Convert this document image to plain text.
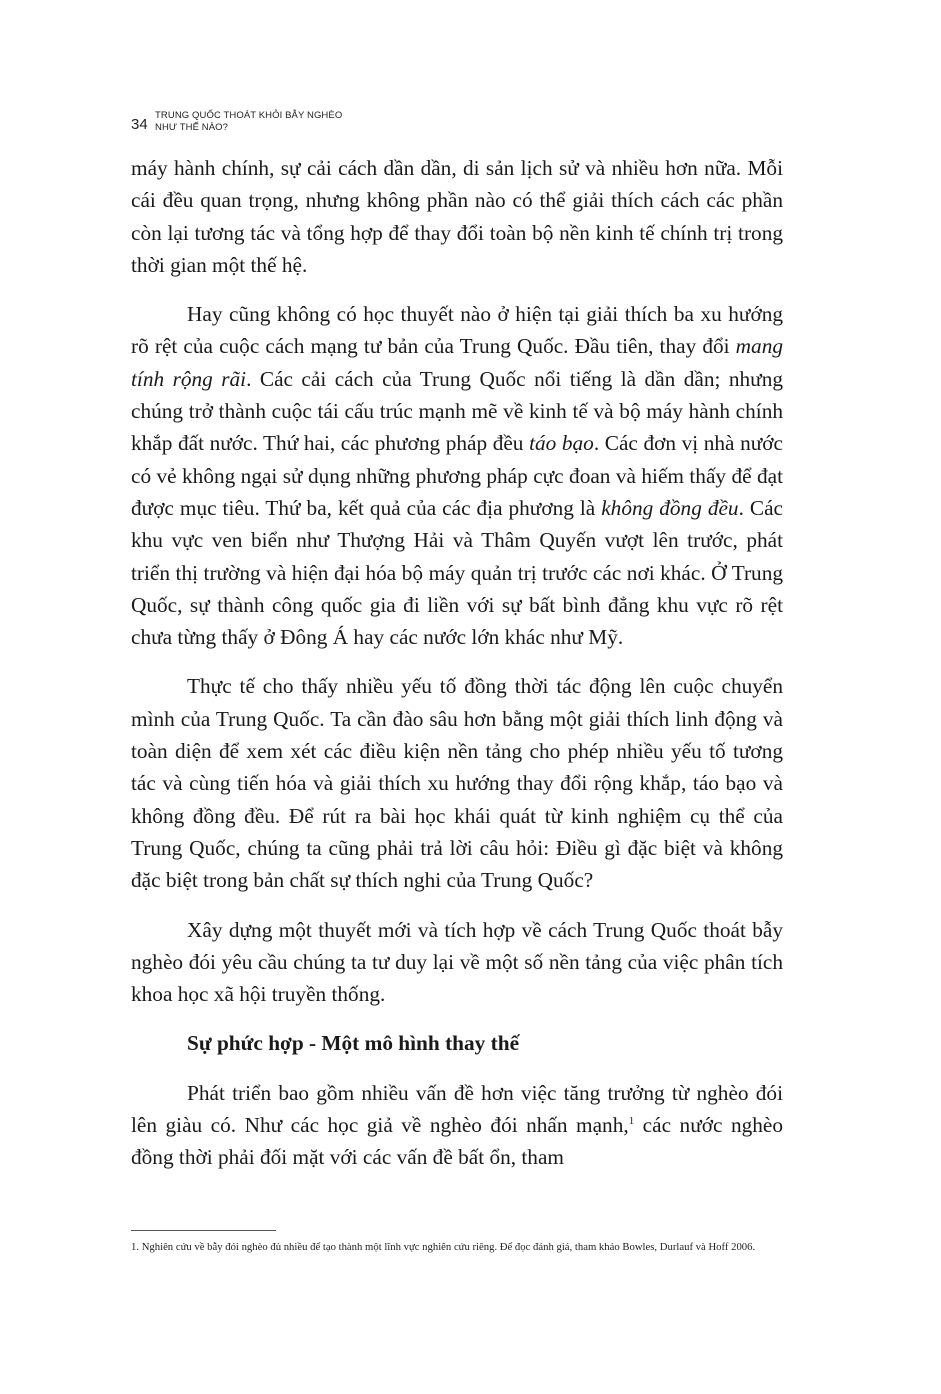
34
TRUNG QUỐC THOÁT KHỎI BẪY NGHÈO
NHƯ THẾ NÀO?

máy hành chính, sự cải cách dần dần, di sản lịch sử và nhiều hơn nữa. Mỗi cái đều quan trọng, nhưng không phần nào có thể giải thích cách các phần còn lại tương tác và tổng hợp để thay đổi toàn bộ nền kinh tế chính trị trong thời gian một thế hệ.

Hay cũng không có học thuyết nào ở hiện tại giải thích ba xu hướng rõ rệt của cuộc cách mạng tư bản của Trung Quốc. Đầu tiên, thay đổi mang tính rộng rãi. Các cải cách của Trung Quốc nổi tiếng là dần dần; nhưng chúng trở thành cuộc tái cấu trúc mạnh mẽ về kinh tế và bộ máy hành chính khắp đất nước. Thứ hai, các phương pháp đều táo bạo. Các đơn vị nhà nước có vẻ không ngại sử dụng những phương pháp cực đoan và hiếm thấy để đạt được mục tiêu. Thứ ba, kết quả của các địa phương là không đồng đều. Các khu vực ven biển như Thượng Hải và Thâm Quyến vượt lên trước, phát triển thị trường và hiện đại hóa bộ máy quản trị trước các nơi khác. Ở Trung Quốc, sự thành công quốc gia đi liền với sự bất bình đẳng khu vực rõ rệt chưa từng thấy ở Đông Á hay các nước lớn khác như Mỹ.

Thực tế cho thấy nhiều yếu tố đồng thời tác động lên cuộc chuyển mình của Trung Quốc. Ta cần đào sâu hơn bằng một giải thích linh động và toàn diện để xem xét các điều kiện nền tảng cho phép nhiều yếu tố tương tác và cùng tiến hóa và giải thích xu hướng thay đổi rộng khắp, táo bạo và không đồng đều. Để rút ra bài học khái quát từ kinh nghiệm cụ thể của Trung Quốc, chúng ta cũng phải trả lời câu hỏi: Điều gì đặc biệt và không đặc biệt trong bản chất sự thích nghi của Trung Quốc?

Xây dựng một thuyết mới và tích hợp về cách Trung Quốc thoát bẫy nghèo đói yêu cầu chúng ta tư duy lại về một số nền tảng của việc phân tích khoa học xã hội truyền thống.

Sự phức hợp - Một mô hình thay thế

Phát triển bao gồm nhiều vấn đề hơn việc tăng trưởng từ nghèo đói lên giàu có. Như các học giả về nghèo đói nhấn mạnh,$^1$ các nước nghèo đồng thời phải đối mặt với các vấn đề bất ổn, tham

1. Nghiên cứu về bẫy đói nghèo đủ nhiều để tạo thành một lĩnh vực nghiên cứu riêng. Để đọc đánh giá, tham khảo Bowles, Durlauf và Hoff 2006.
